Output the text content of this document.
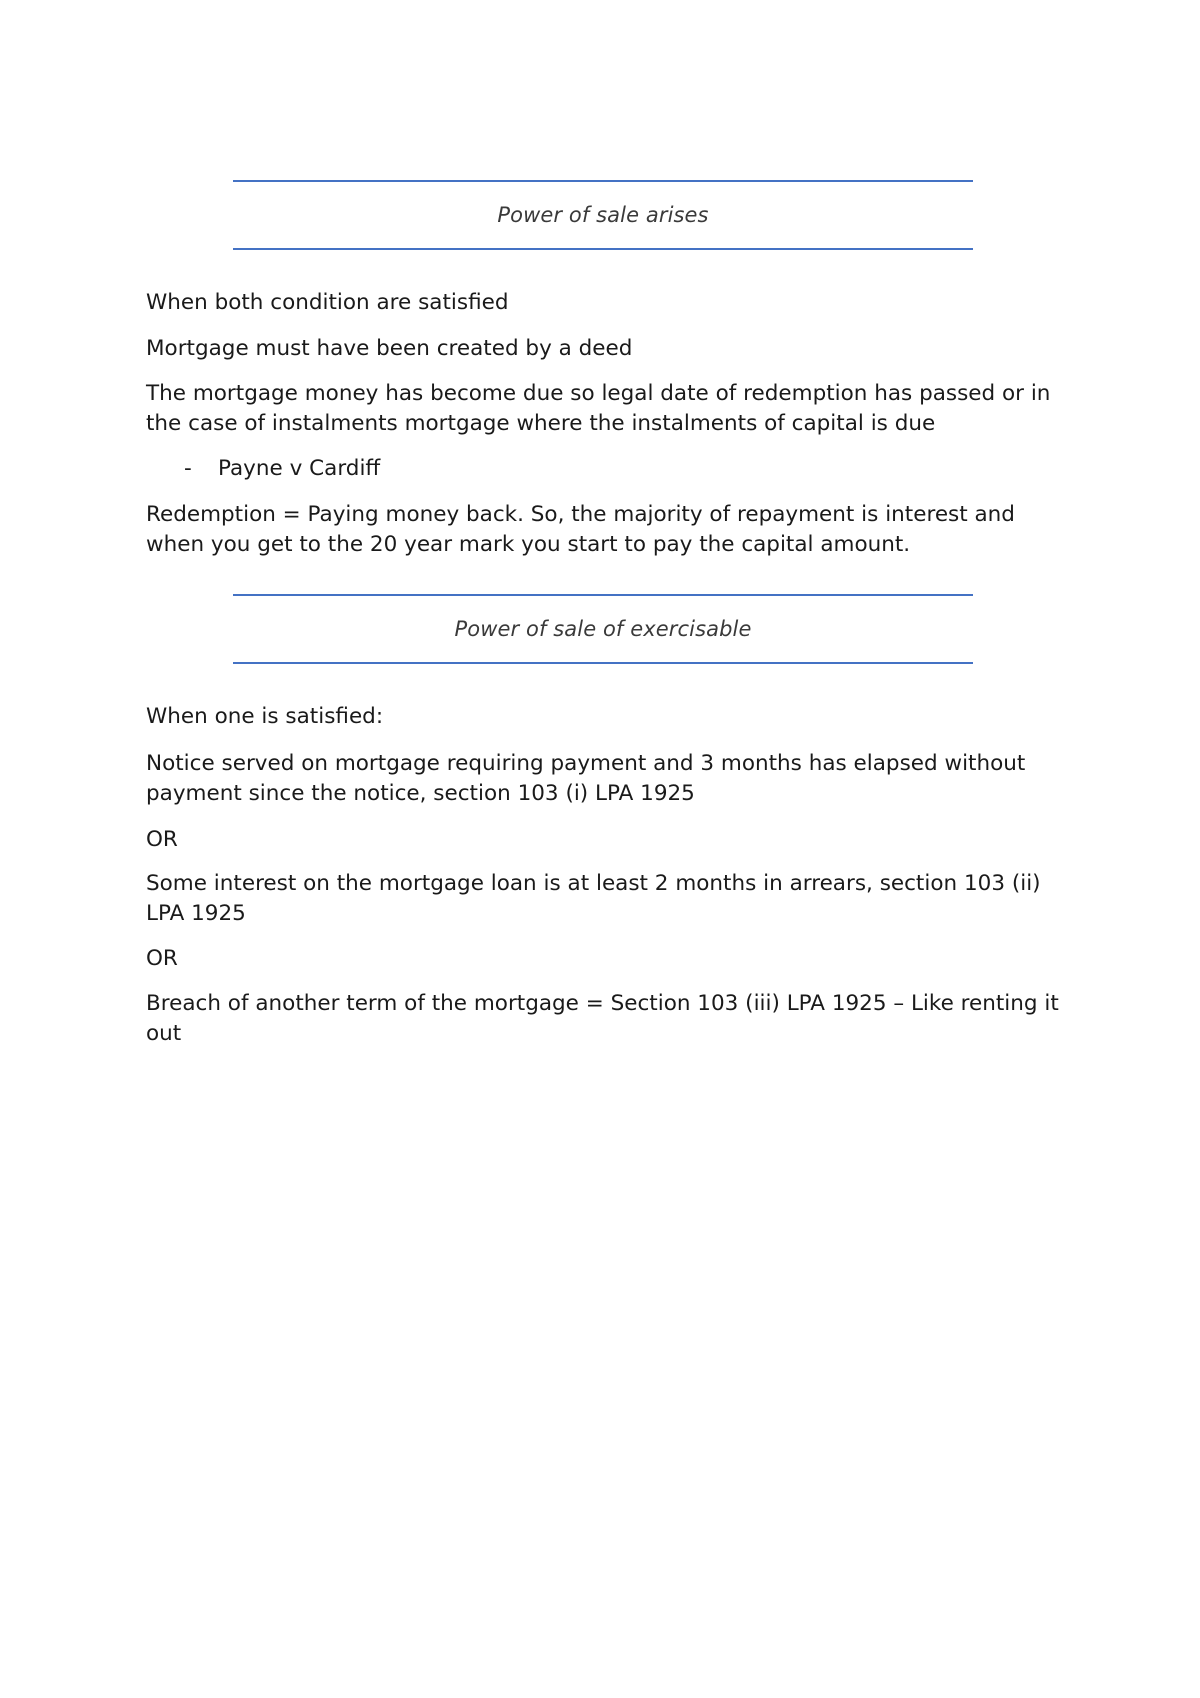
Power of sale arises

When both condition are satisfied

Mortgage must have been created by a deed

The mortgage money has become due so legal date of redemption has passed or in the case of instalments mortgage where the instalments of capital is due

-	Payne v Cardiff

Redemption = Paying money back. So, the majority of repayment is interest and when you get to the 20 year mark you start to pay the capital amount.

Power of sale of exercisable

When one is satisfied:

Notice served on mortgage requiring payment and 3 months has elapsed without payment since the notice, section 103 (i) LPA 1925

OR

Some interest on the mortgage loan is at least 2 months in arrears, section 103 (ii) LPA 1925

OR

Breach of another term of the mortgage = Section 103 (iii) LPA 1925 – Like renting it out
